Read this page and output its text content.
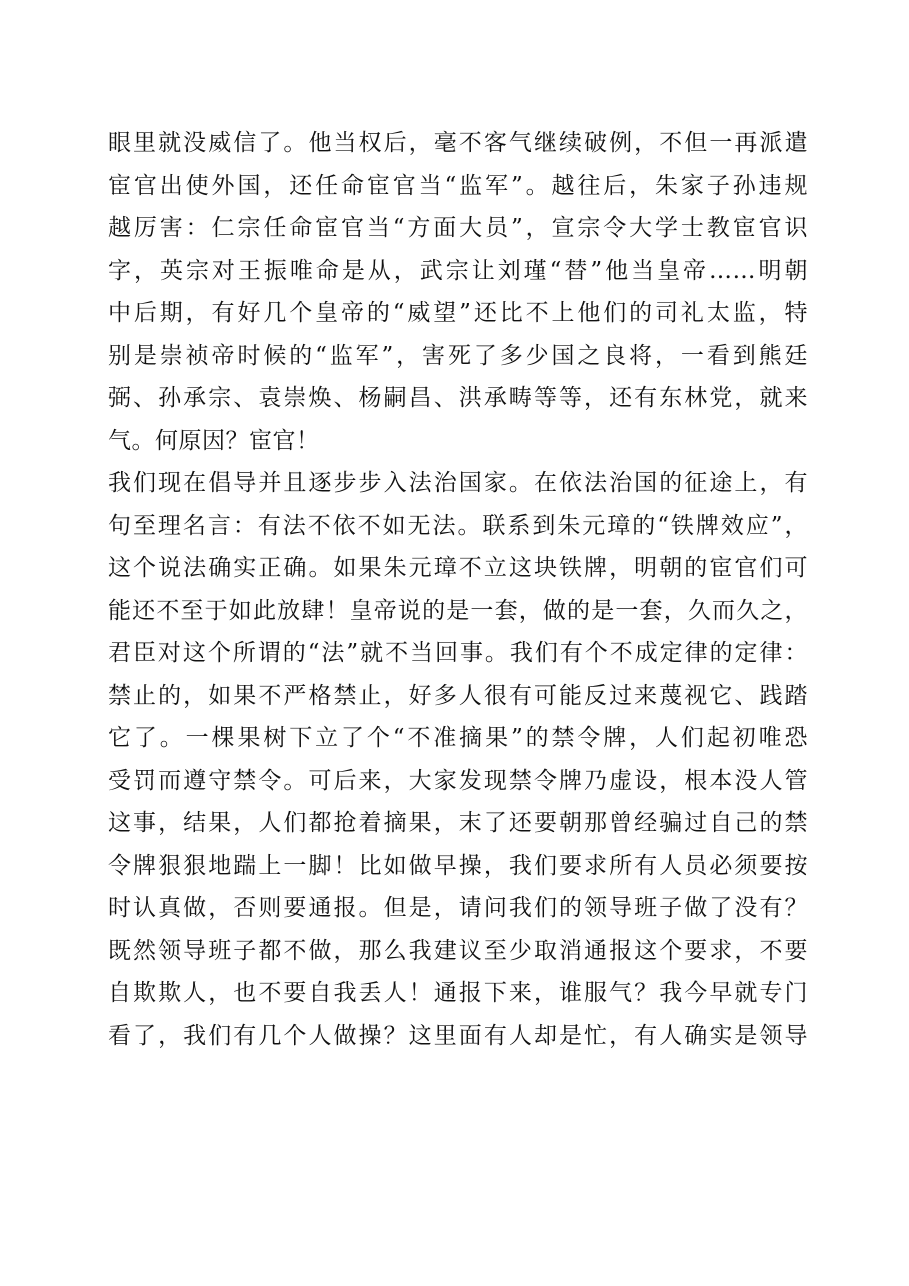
眼里就没威信了。他当权后，毫不客气继续破例，不但一再派遣
宦官出使外国，还任命宦官当“监军”。越往后，朱家子孙违规
越厉害：仁宗任命宦官当“方面大员”，宣宗令大学士教宦官识
字，英宗对王振唯命是从，武宗让刘瑾“替”他当皇帝……明朝
中后期，有好几个皇帝的“威望”还比不上他们的司礼太监，特
别是崇祯帝时候的“监军”，害死了多少国之良将，一看到熊廷
弼、孙承宗、袁崇焕、杨嗣昌、洪承畴等等，还有东林党，就来
气。何原因？宦官！
我们现在倡导并且逐步步入法治国家。在依法治国的征途上，有
句至理名言：有法不依不如无法。联系到朱元璋的“铁牌效应”，
这个说法确实正确。如果朱元璋不立这块铁牌，明朝的宦官们可
能还不至于如此放肆！皇帝说的是一套，做的是一套，久而久之，
君臣对这个所谓的“法”就不当回事。我们有个不成定律的定律：
禁止的，如果不严格禁止，好多人很有可能反过来蔑视它、践踏
它了。一棵果树下立了个“不准摘果”的禁令牌，人们起初唯恐
受罚而遵守禁令。可后来，大家发现禁令牌乃虚设，根本没人管
这事，结果，人们都抢着摘果，末了还要朝那曾经骗过自己的禁
令牌狠狠地踹上一脚！比如做早操，我们要求所有人员必须要按
时认真做，否则要通报。但是，请问我们的领导班子做了没有？
既然领导班子都不做，那么我建议至少取消通报这个要求，不要
自欺欺人，也不要自我丢人！通报下来，谁服气？我今早就专门
看了，我们有几个人做操？这里面有人却是忙，有人确实是领导
